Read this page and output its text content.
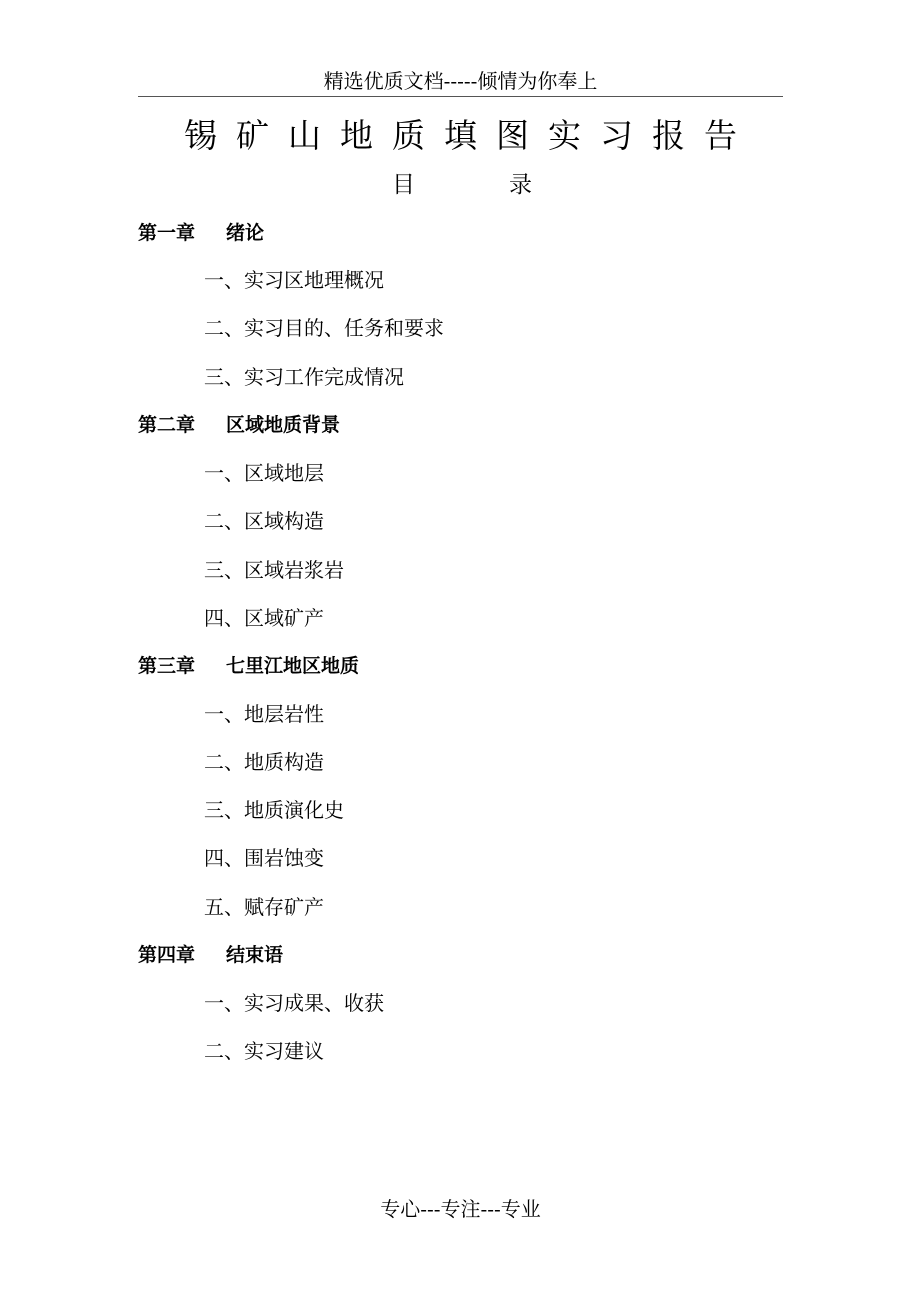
精选优质文档-----倾情为你奉上
锡矿山地质填图实习报告
目	录
第一章 绪论
一、实习区地理概况
二、实习目的、任务和要求
三、实习工作完成情况
第二章 区域地质背景
一、区域地层
二、区域构造
三、区域岩浆岩
四、区域矿产
第三章 七里江地区地质
一、地层岩性
二、地质构造
三、地质演化史
四、围岩蚀变
五、赋存矿产
第四章 结束语
一、实习成果、收获
二、实习建议
专心---专注---专业
